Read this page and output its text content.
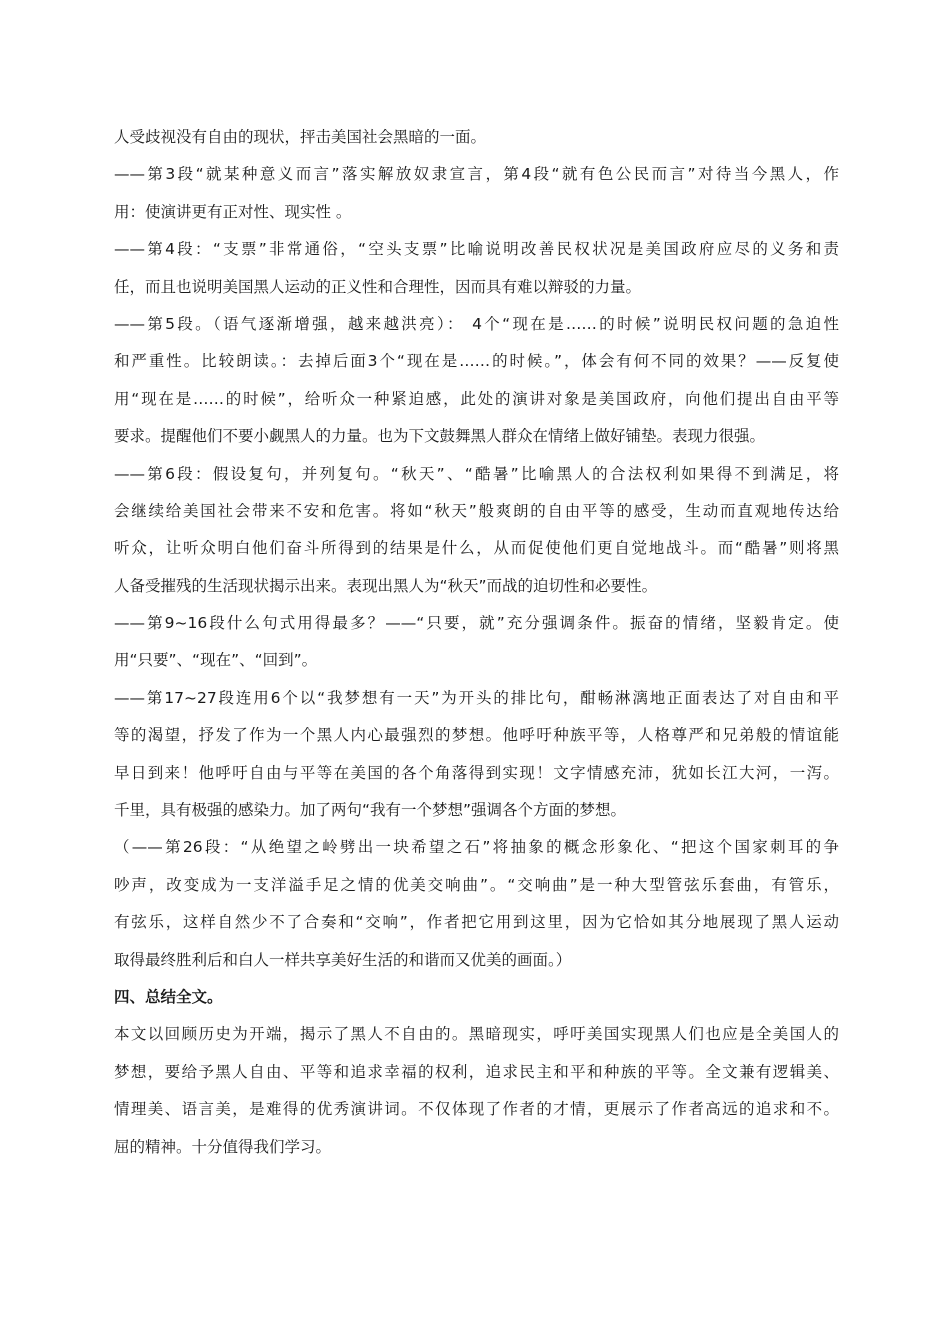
人受歧视没有自由的现状，抨击美国社会黑暗的一面。
——第3段“就某种意义而言”落实解放奴隶宣言，第4段“就有色公民而言”对待当今黑人，作
用：使演讲更有正对性、现实性 。
——第4段：“支票”非常通俗，“空头支票”比喻说明改善民权状况是美国政府应尽的义务和责
任，而且也说明美国黑人运动的正义性和合理性，因而具有难以辩驳的力量。
——第5段。（语气逐渐增强，越来越洪亮）： 4个“现在是……的时候”说明民权问题的急迫性
和严重性。比较朗读。：去掉后面3个“现在是……的时候。”，体会有何不同的效果？——反复使
用“现在是……的时候”，给听众一种紧迫感，此处的演讲对象是美国政府，向他们提出自由平等
要求。提醒他们不要小觑黑人的力量。也为下文鼓舞黑人群众在情绪上做好铺垫。表现力很强。
——第6段：假设复句，并列复句。“秋天”、“酷暑”比喻黑人的合法权利如果得不到满足，将
会继续给美国社会带来不安和危害。将如“秋天”般爽朗的自由平等的感受，生动而直观地传达给
听众，让听众明白他们奋斗所得到的结果是什么，从而促使他们更自觉地战斗。而“酷暑”则将黑
人备受摧残的生活现状揭示出来。表现出黑人为“秋天”而战的迫切性和必要性。
——第9~16段什么句式用得最多？——“只要，就”充分强调条件。振奋的情绪，坚毅肯定。使
用“只要”、“现在”、“回到”。
——第17~27段连用6个以“我梦想有一天”为开头的排比句，酣畅淋漓地正面表达了对自由和平
等的渴望，抒发了作为一个黑人内心最强烈的梦想。他呼吁种族平等，人格尊严和兄弟般的情谊能
早日到来！他呼吁自由与平等在美国的各个角落得到实现！文字情感充沛，犹如长江大河，一泻。
千里，具有极强的感染力。加了两句“我有一个梦想”强调各个方面的梦想。
（——第26段：“从绝望之岭劈出一块希望之石”将抽象的概念形象化、“把这个国家刺耳的争
吵声，改变成为一支洋溢手足之情的优美交响曲”。“交响曲”是一种大型管弦乐套曲，有管乐，
有弦乐，这样自然少不了合奏和“交响”，作者把它用到这里，因为它恰如其分地展现了黑人运动
取得最终胜利后和白人一样共享美好生活的和谐而又优美的画面。）
四、总结全文。
本文以回顾历史为开端，揭示了黑人不自由的。黑暗现实，呼吁美国实现黑人们也应是全美国人的
梦想，要给予黑人自由、平等和追求幸福的权利，追求民主和平和种族的平等。全文兼有逻辑美、
情理美、语言美，是难得的优秀演讲词。不仅体现了作者的才情，更展示了作者高远的追求和不。
屈的精神。十分值得我们学习。
